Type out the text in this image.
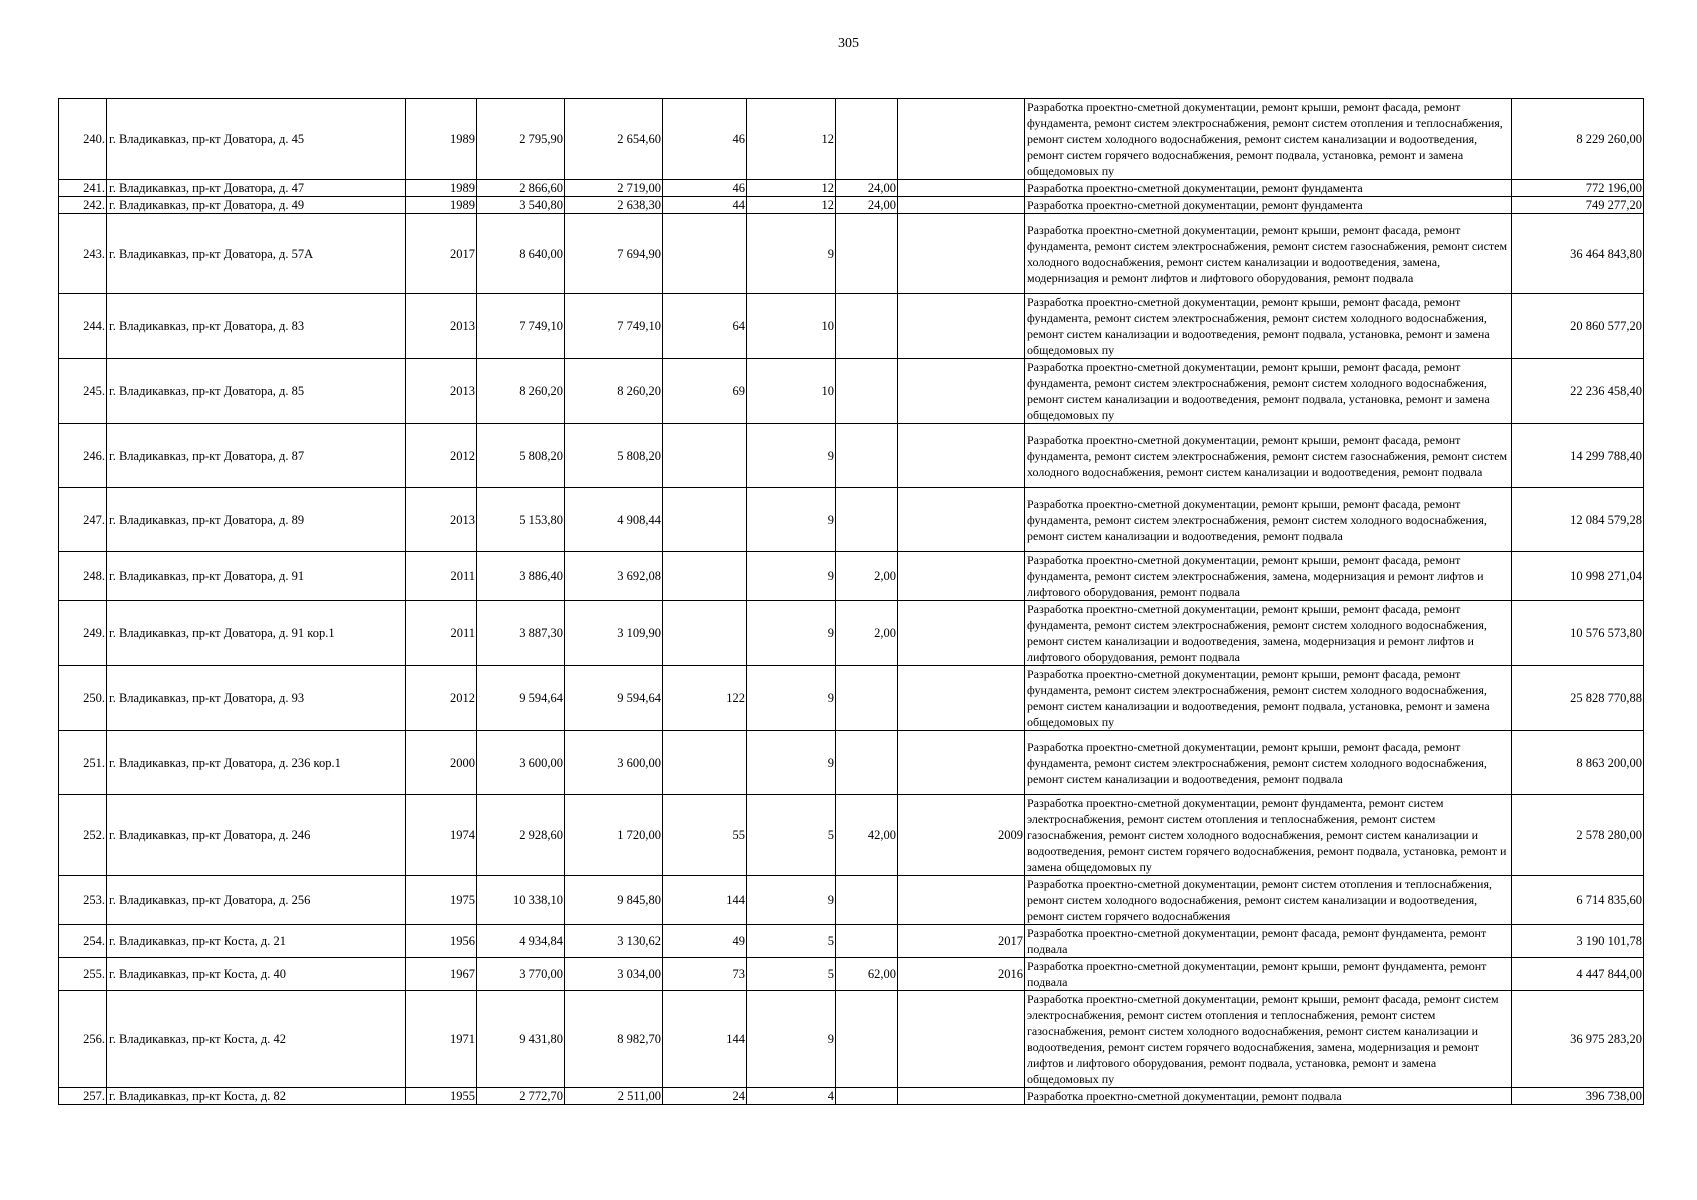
305
240.	г. Владикавказ, пр-кт Доватора, д. 45	1989	2 795,90	2 654,60	46	12			Разработка проектно-сметной документации, ремонт крыши, ремонт фасада, ремонт фундамента, ремонт систем электроснабжения, ремонт систем отопления и теплоснабжения, ремонт систем холодного водоснабжения, ремонт систем канализации и водоотведения, ремонт систем горячего водоснабжения, ремонт подвала, установка, ремонт и замена общедомовых пу	8 229 260,00
241.	г. Владикавказ, пр-кт Доватора, д. 47	1989	2 866,60	2 719,00	46	12	24,00		Разработка проектно-сметной документации, ремонт фундамента	772 196,00
242.	г. Владикавказ, пр-кт Доватора, д. 49	1989	3 540,80	2 638,30	44	12	24,00		Разработка проектно-сметной документации, ремонт фундамента	749 277,20
243.	г. Владикавказ, пр-кт Доватора, д. 57А	2017	8 640,00	7 694,90		9			Разработка проектно-сметной документации, ремонт крыши, ремонт фасада, ремонт фундамента, ремонт систем электроснабжения, ремонт систем газоснабжения, ремонт систем холодного водоснабжения, ремонт систем канализации и водоотведения, замена, модернизация и ремонт лифтов и лифтового оборудования, ремонт подвала	36 464 843,80
244.	г. Владикавказ, пр-кт Доватора, д. 83	2013	7 749,10	7 749,10	64	10			Разработка проектно-сметной документации, ремонт крыши, ремонт фасада, ремонт фундамента, ремонт систем электроснабжения, ремонт систем холодного водоснабжения, ремонт систем канализации и водоотведения, ремонт подвала, установка, ремонт и замена общедомовых пу	20 860 577,20
245.	г. Владикавказ, пр-кт Доватора, д. 85	2013	8 260,20	8 260,20	69	10			Разработка проектно-сметной документации, ремонт крыши, ремонт фасада, ремонт фундамента, ремонт систем электроснабжения, ремонт систем холодного водоснабжения, ремонт систем канализации и водоотведения, ремонт подвала, установка, ремонт и замена общедомовых пу	22 236 458,40
246.	г. Владикавказ, пр-кт Доватора, д. 87	2012	5 808,20	5 808,20		9			Разработка проектно-сметной документации, ремонт крыши, ремонт фасада, ремонт фундамента, ремонт систем электроснабжения, ремонт систем газоснабжения, ремонт систем холодного водоснабжения, ремонт систем канализации и водоотведения, ремонт подвала	14 299 788,40
247.	г. Владикавказ, пр-кт Доватора, д. 89	2013	5 153,80	4 908,44		9			Разработка проектно-сметной документации, ремонт крыши, ремонт фасада, ремонт фундамента, ремонт систем электроснабжения, ремонт систем холодного водоснабжения, ремонт систем канализации и водоотведения, ремонт подвала	12 084 579,28
248.	г. Владикавказ, пр-кт Доватора, д. 91	2011	3 886,40	3 692,08		9	2,00		Разработка проектно-сметной документации, ремонт крыши, ремонт фасада, ремонт фундамента, ремонт систем электроснабжения, замена, модернизация и ремонт лифтов и лифтового оборудования, ремонт подвала	10 998 271,04
249.	г. Владикавказ, пр-кт Доватора, д. 91 кор.1	2011	3 887,30	3 109,90		9	2,00		Разработка проектно-сметной документации, ремонт крыши, ремонт фасада, ремонт фундамента, ремонт систем электроснабжения, ремонт систем холодного водоснабжения, ремонт систем канализации и водоотведения, замена, модернизация и ремонт лифтов и лифтового оборудования, ремонт подвала	10 576 573,80
250.	г. Владикавказ, пр-кт Доватора, д. 93	2012	9 594,64	9 594,64	122	9			Разработка проектно-сметной документации, ремонт крыши, ремонт фасада, ремонт фундамента, ремонт систем электроснабжения, ремонт систем холодного водоснабжения, ремонт систем канализации и водоотведения, ремонт подвала, установка, ремонт и замена общедомовых пу	25 828 770,88
251.	г. Владикавказ, пр-кт Доватора, д. 236 кор.1	2000	3 600,00	3 600,00		9			Разработка проектно-сметной документации, ремонт крыши, ремонт фасада, ремонт фундамента, ремонт систем электроснабжения, ремонт систем холодного водоснабжения, ремонт систем канализации и водоотведения, ремонт подвала	8 863 200,00
252.	г. Владикавказ, пр-кт Доватора, д. 246	1974	2 928,60	1 720,00	55	5	42,00	2009	Разработка проектно-сметной документации, ремонт фундамента, ремонт систем электроснабжения, ремонт систем отопления и теплоснабжения, ремонт систем газоснабжения, ремонт систем холодного водоснабжения, ремонт систем канализации и водоотведения, ремонт систем горячего водоснабжения, ремонт подвала, установка, ремонт и замена общедомовых пу	2 578 280,00
253.	г. Владикавказ, пр-кт Доватора, д. 256	1975	10 338,10	9 845,80	144	9			Разработка проектно-сметной документации, ремонт систем отопления и теплоснабжения, ремонт систем холодного водоснабжения, ремонт систем канализации и водоотведения, ремонт систем горячего водоснабжения	6 714 835,60
254.	г. Владикавказ, пр-кт Коста, д. 21	1956	4 934,84	3 130,62	49	5		2017	Разработка проектно-сметной документации, ремонт фасада, ремонт фундамента, ремонт подвала	3 190 101,78
255.	г. Владикавказ, пр-кт Коста, д. 40	1967	3 770,00	3 034,00	73	5	62,00	2016	Разработка проектно-сметной документации, ремонт крыши, ремонт фундамента, ремонт подвала	4 447 844,00
256.	г. Владикавказ, пр-кт Коста, д. 42	1971	9 431,80	8 982,70	144	9			Разработка проектно-сметной документации, ремонт крыши, ремонт фасада, ремонт систем электроснабжения, ремонт систем отопления и теплоснабжения, ремонт систем газоснабжения, ремонт систем холодного водоснабжения, ремонт систем канализации и водоотведения, ремонт систем горячего водоснабжения, замена, модернизация и ремонт лифтов и лифтового оборудования, ремонт подвала, установка, ремонт и замена общедомовых пу	36 975 283,20
257.	г. Владикавказ, пр-кт Коста, д. 82	1955	2 772,70	2 511,00	24	4			Разработка проектно-сметной документации, ремонт подвала	396 738,00
